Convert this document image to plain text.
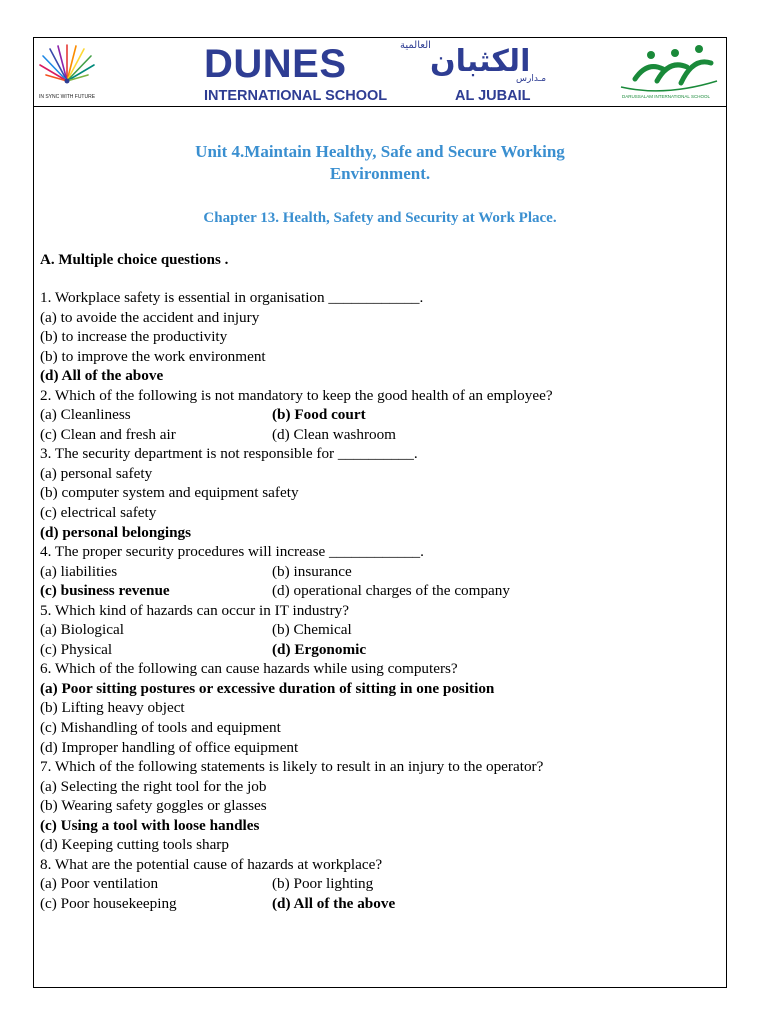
IN SYNC WITH FUTURE
DUNES
INTERNATIONAL SCHOOL	AL JUBAIL
العالمية الكثبان
مـدارس
DARUSSALAM INTERNATIONAL SCHOOL
Unit 4.Maintain Healthy, Safe and Secure Working
Environment.
Chapter 13. Health, Safety and Security at Work Place.
A. Multiple choice questions .
1. Workplace safety is essential in organisation ____________.
(a) to avoide the accident and injury
(b) to increase the productivity
(b) to improve the work environment
(d) All of the above
2. Which of the following is not mandatory to keep the good health of an employee?
(a) Cleanliness	(b) Food court
(c) Clean and fresh air	(d) Clean washroom
3. The security department is not responsible for __________.
(a) personal safety
(b) computer system and equipment safety
(c) electrical safety
(d) personal belongings
4. The proper security procedures will increase ____________.
(a) liabilities	(b) insurance
(c) business revenue	(d) operational charges of the company
5. Which kind of hazards can occur in IT industry?
(a) Biological	(b) Chemical
(c) Physical	(d) Ergonomic
6. Which of the following can cause hazards while using computers?
(a) Poor sitting postures or excessive duration of sitting in one position
(b) Lifting heavy object
(c) Mishandling of tools and equipment
(d) Improper handling of office equipment
7. Which of the following statements is likely to result in an injury to the operator?
(a) Selecting the right tool for the job
(b) Wearing safety goggles or glasses
(c) Using a tool with loose handles
(d) Keeping cutting tools sharp
8. What are the potential cause of hazards at workplace?
(a) Poor ventilation	(b) Poor lighting
(c) Poor housekeeping	(d) All of the above
